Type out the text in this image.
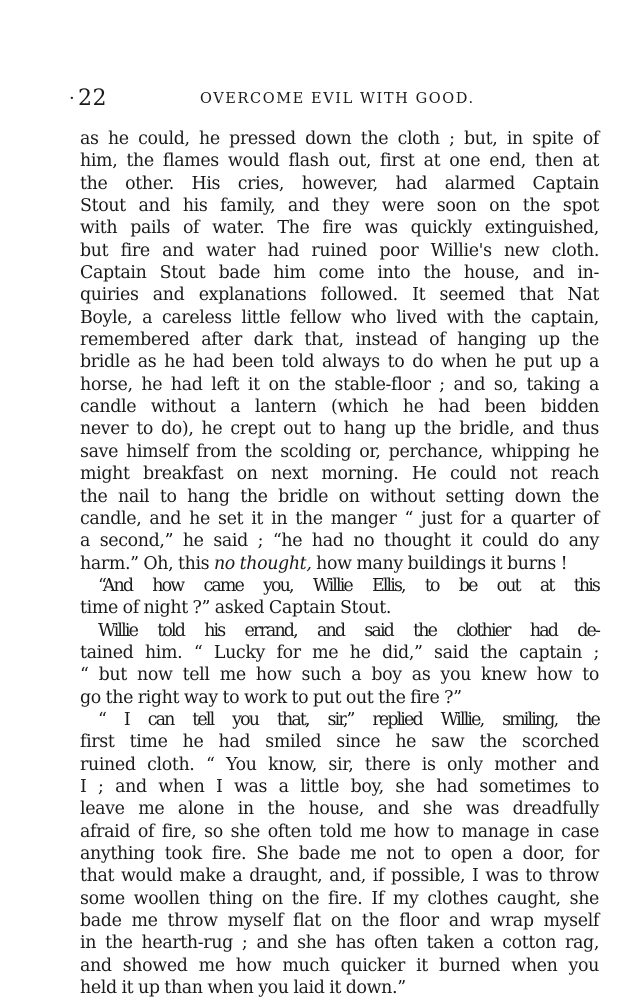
· 22	OVERCOME EVIL WITH GOOD.
as he could, he pressed down the cloth ; but, in spite of
him, the flames would flash out, first at one end, then at
the other. His cries, however, had alarmed Captain
Stout and his family, and they were soon on the spot
with pails of water. The fire was quickly extinguished,
but fire and water had ruined poor Willie's new cloth.
Captain Stout bade him come into the house, and in-
quiries and explanations followed. It seemed that Nat
Boyle, a careless little fellow who lived with the captain,
remembered after dark that, instead of hanging up the
bridle as he had been told always to do when he put up a
horse, he had left it on the stable-floor ; and so, taking a
candle without a lantern (which he had been bidden
never to do), he crept out to hang up the bridle, and thus
save himself from the scolding or, perchance, whipping he
might breakfast on next morning. He could not reach
the nail to hang the bridle on without setting down the
candle, and he set it in the manger “ just for a quarter of
a second,” he said ; “he had no thought it could do any
harm.” Oh, this no thought, how many buildings it burns !
“And how came you, Willie Ellis, to be out at this
time of night ?” asked Captain Stout.
Willie told his errand, and said the clothier had de-
tained him. “ Lucky for me he did,” said the captain ;
“ but now tell me how such a boy as you knew how to
go the right way to work to put out the fire ?”
“ I can tell you that, sir,” replied Willie, smiling, the
first time he had smiled since he saw the scorched
ruined cloth. “ You know, sir, there is only mother and
I ; and when I was a little boy, she had sometimes to
leave me alone in the house, and she was dreadfully
afraid of fire, so she often told me how to manage in case
anything took fire. She bade me not to open a door, for
that would make a draught, and, if possible, I was to throw
some woollen thing on the fire. If my clothes caught, she
bade me throw myself flat on the floor and wrap myself
in the hearth-rug ; and she has often taken a cotton rag,
and showed me how much quicker it burned when you
held it up than when you laid it down.”
